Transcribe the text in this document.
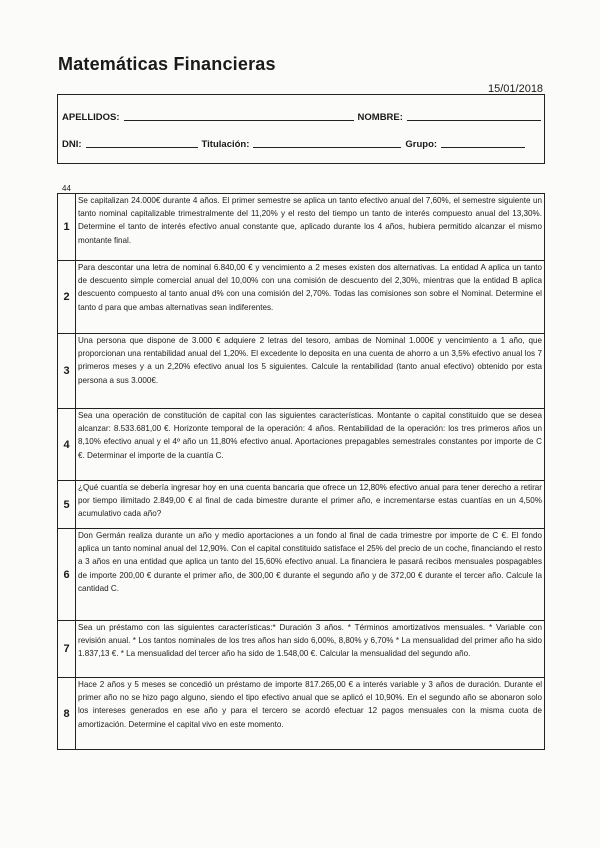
Matemáticas Financieras
15/01/2018
APELLIDOS:	NOMBRE:
DNI:	Titulación:	Grupo:
44
1	Se capitalizan 24.000€ durante 4 años. El primer semestre se aplica un tanto efectivo anual del 7,60%, el semestre siguiente un tanto nominal capitalizable trimestralmente del 11,20% y el resto del tiempo un tanto de interés compuesto anual del 13,30%. Determine el tanto de interés efectivo anual constante que, aplicado durante los 4 años, hubiera permitido alcanzar el mismo montante final.
2	Para descontar una letra de nominal 6.840,00 € y vencimiento a 2 meses existen dos alternativas. La entidad A aplica un tanto de descuento simple comercial anual del 10,00% con una comisión de descuento del 2,30%, mientras que la entidad B aplica descuento compuesto al tanto anual d% con una comisión del 2,70%. Todas las comisiones son sobre el Nominal. Determine el tanto d para que ambas alternativas sean indiferentes.
3	Una persona que dispone de 3.000 € adquiere 2 letras del tesoro, ambas de Nominal 1.000€ y vencimiento a 1 año, que proporcionan una rentabilidad anual del 1,20%. El excedente lo deposita en una cuenta de ahorro a un 3,5% efectivo anual los 7 primeros meses y a un 2,20% efectivo anual los 5 siguientes. Calcule la rentabilidad (tanto anual efectivo) obtenido por esta persona a sus 3.000€.
4	Sea una operación de constitución de capital con las siguientes características. Montante o capital constituido que se desea alcanzar: 8.533.681,00 €. Horizonte temporal de la operación: 4 años. Rentabilidad de la operación: los tres primeros años un 8,10% efectivo anual y el 4º año un 11,80% efectivo anual. Aportaciones prepagables semestrales constantes por importe de C €. Determinar el importe de la cuantía C.
5	¿Qué cuantía se debería ingresar hoy en una cuenta bancaria que ofrece un 12,80% efectivo anual para tener derecho a retirar por tiempo ilimitado 2.849,00 € al final de cada bimestre durante el primer año, e incrementarse estas cuantías en un 4,50% acumulativo cada año?
6	Don Germán realiza durante un año y medio aportaciones a un fondo al final de cada trimestre por importe de C €. El fondo aplica un tanto nominal anual del 12,90%. Con el capital constituido satisface el 25% del precio de un coche, financiando el resto a 3 años en una entidad que aplica un tanto del 15,60% efectivo anual. La financiera le pasará recibos mensuales pospagables de importe 200,00 € durante el primer año, de 300,00 € durante el segundo año y de 372,00 € durante el tercer año. Calcule la cantidad C.
7	Sea un préstamo con las siguientes características:* Duración 3 años. * Términos amortizativos mensuales. * Variable con revisión anual. * Los tantos nominales de los tres años han sido 6,00%, 8,80% y 6,70% * La mensualidad del primer año ha sido 1.837,13 €. * La mensualidad del tercer año ha sido de 1.548,00 €. Calcular la mensualidad del segundo año.
8	Hace 2 años y 5 meses se concedió un préstamo de importe 817.265,00 € a interés variable y 3 años de duración. Durante el primer año no se hizo pago alguno, siendo el tipo efectivo anual que se aplicó el 10,90%. En el segundo año se abonaron solo los intereses generados en ese año y para el tercero se acordó efectuar 12 pagos mensuales con la misma cuota de amortización. Determine el capital vivo en este momento.
